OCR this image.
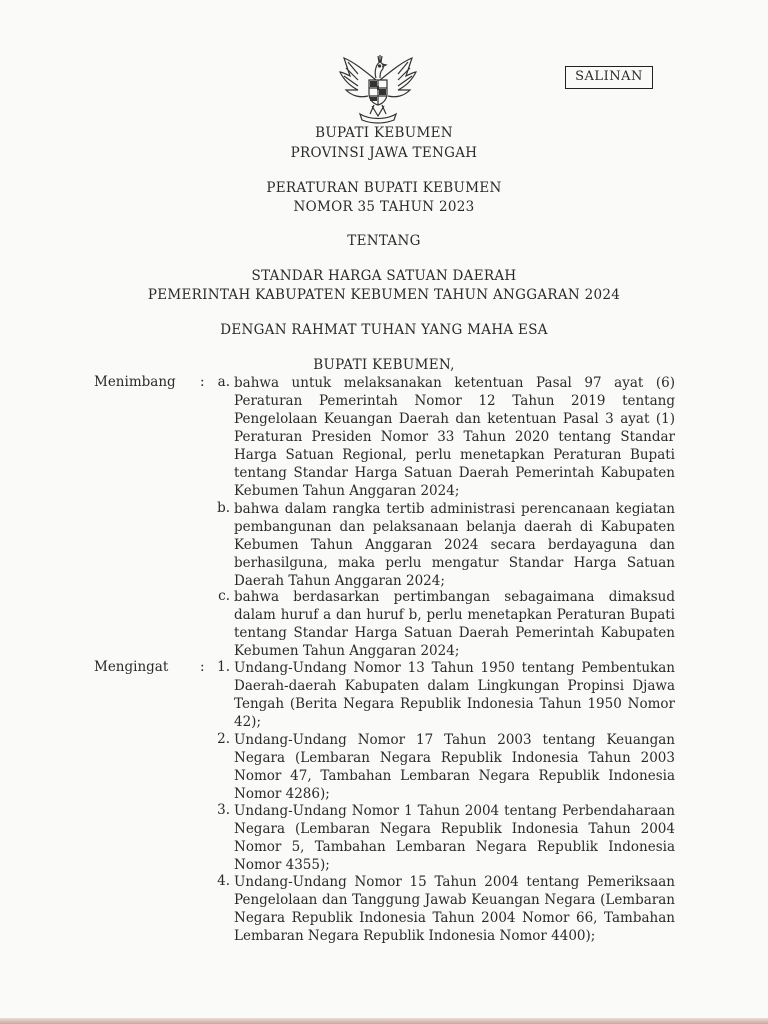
SALINAN
BUPATI KEBUMEN
PROVINSI JAWA TENGAH
PERATURAN BUPATI KEBUMEN
NOMOR 35 TAHUN 2023
TENTANG
STANDAR HARGA SATUAN DAERAH
PEMERINTAH KABUPATEN KEBUMEN TAHUN ANGGARAN 2024
DENGAN RAHMAT TUHAN YANG MAHA ESA
BUPATI KEBUMEN,
Menimbang : a. bahwa untuk melaksanakan ketentuan Pasal 97 ayat (6) Peraturan Pemerintah Nomor 12 Tahun 2019 tentang Pengelolaan Keuangan Daerah dan ketentuan Pasal 3 ayat (1) Peraturan Presiden Nomor 33 Tahun 2020 tentang Standar Harga Satuan Regional, perlu menetapkan Peraturan Bupati tentang Standar Harga Satuan Daerah Pemerintah Kabupaten Kebumen Tahun Anggaran 2024;
b. bahwa dalam rangka tertib administrasi perencanaan kegiatan pembangunan dan pelaksanaan belanja daerah di Kabupaten Kebumen Tahun Anggaran 2024 secara berdayaguna dan berhasilguna, maka perlu mengatur Standar Harga Satuan Daerah Tahun Anggaran 2024;
c. bahwa berdasarkan pertimbangan sebagaimana dimaksud dalam huruf a dan huruf b, perlu menetapkan Peraturan Bupati tentang Standar Harga Satuan Daerah Pemerintah Kabupaten Kebumen Tahun Anggaran 2024;
Mengingat : 1. Undang-Undang Nomor 13 Tahun 1950 tentang Pembentukan Daerah-daerah Kabupaten dalam Lingkungan Propinsi Djawa Tengah (Berita Negara Republik Indonesia Tahun 1950 Nomor 42);
2. Undang-Undang Nomor 17 Tahun 2003 tentang Keuangan Negara (Lembaran Negara Republik Indonesia Tahun 2003 Nomor 47, Tambahan Lembaran Negara Republik Indonesia Nomor 4286);
3. Undang-Undang Nomor 1 Tahun 2004 tentang Perbendaharaan Negara (Lembaran Negara Republik Indonesia Tahun 2004 Nomor 5, Tambahan Lembaran Negara Republik Indonesia Nomor 4355);
4. Undang-Undang Nomor 15 Tahun 2004 tentang Pemeriksaan Pengelolaan dan Tanggung Jawab Keuangan Negara (Lembaran Negara Republik Indonesia Tahun 2004 Nomor 66, Tambahan Lembaran Negara Republik Indonesia Nomor 4400);
